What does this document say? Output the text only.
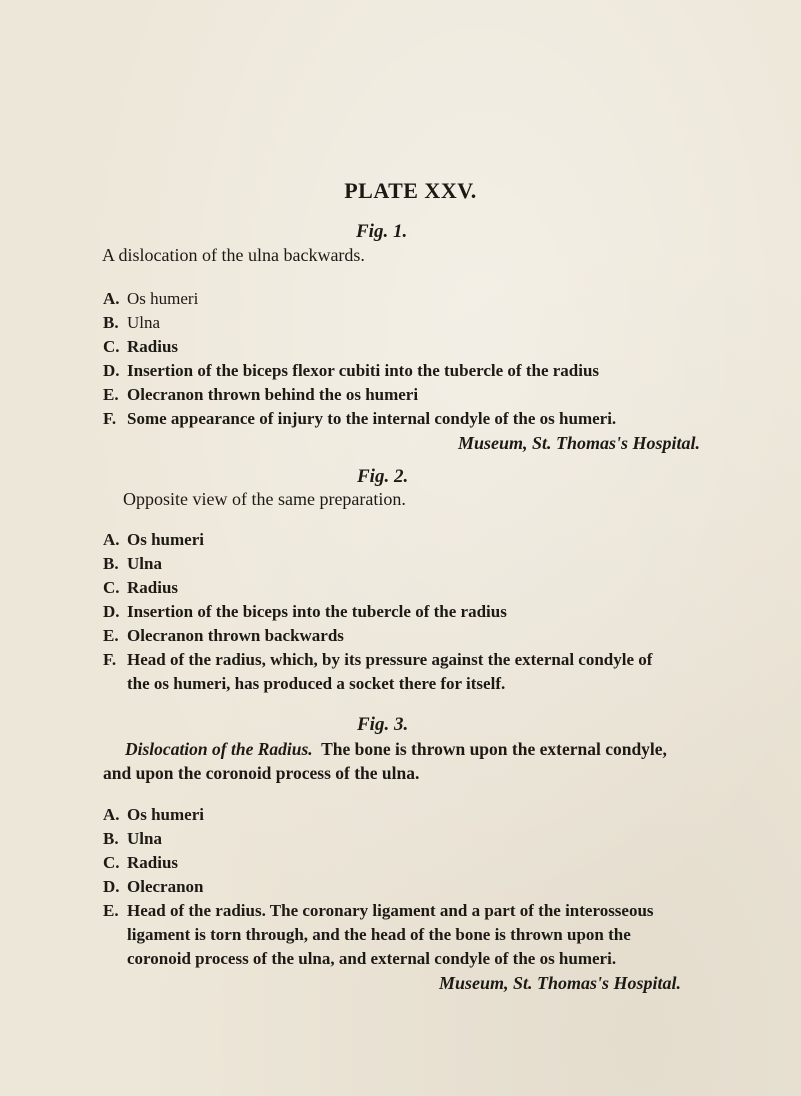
PLATE XXV.
Fig. 1.
A dislocation of the ulna backwards.
A. Os humeri
B. Ulna
C. Radius
D. Insertion of the biceps flexor cubiti into the tubercle of the radius
E. Olecranon thrown behind the os humeri
F. Some appearance of injury to the internal condyle of the os humeri.
Museum, St. Thomas's Hospital.
Fig. 2.
Opposite view of the same preparation.
A. Os humeri
B. Ulna
C. Radius
D. Insertion of the biceps into the tubercle of the radius
E. Olecranon thrown backwards
F. Head of the radius, which, by its pressure against the external condyle of
the os humeri, has produced a socket there for itself.
Fig. 3.
Dislocation of the Radius. The bone is thrown upon the external condyle,
and upon the coronoid process of the ulna.
A. Os humeri
B. Ulna
C. Radius
D. Olecranon
E. Head of the radius. The coronary ligament and a part of the interosseous
ligament is torn through, and the head of the bone is thrown upon the
coronoid process of the ulna, and external condyle of the os humeri.
Museum, St. Thomas's Hospital.
